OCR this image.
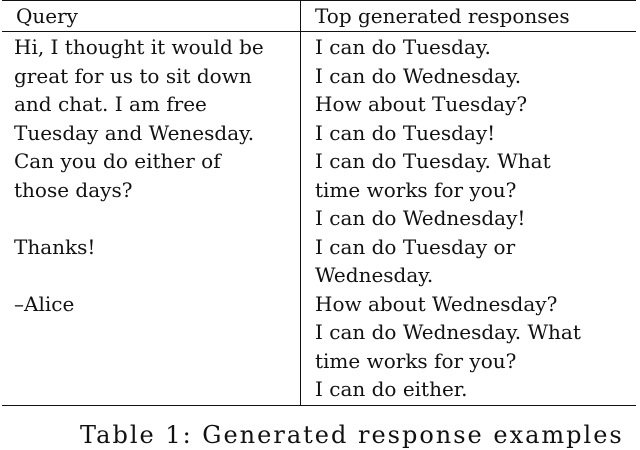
Query	Top generated responses
Hi, I thought it would be
great for us to sit down
and chat. I am free
Tuesday and Wenesday.
Can you do either of
those days?
Thanks!
–Alice
I can do Tuesday.
I can do Wednesday.
How about Tuesday?
I can do Tuesday!
I can do Tuesday. What
time works for you?
I can do Wednesday!
I can do Tuesday or
Wednesday.
How about Wednesday?
I can do Wednesday. What
time works for you?
I can do either.
Table 1: Generated response examples
